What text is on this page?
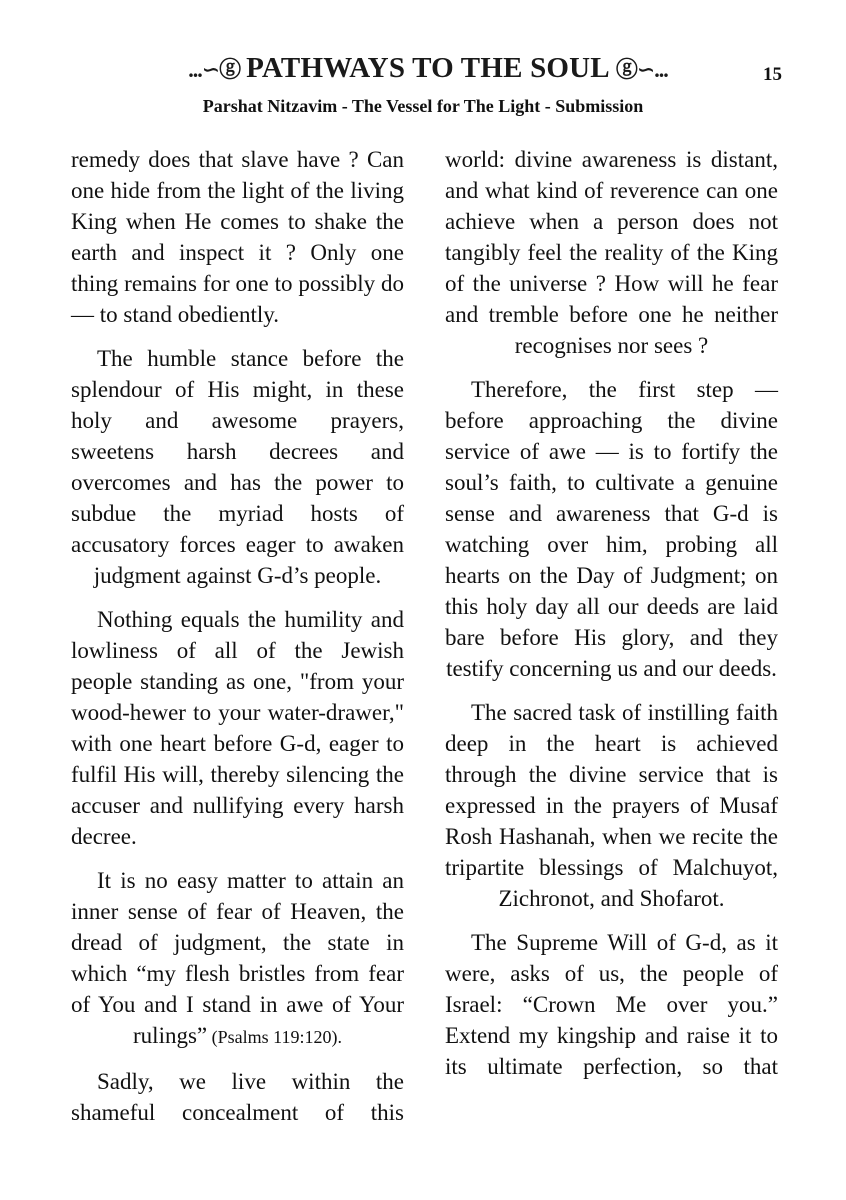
...∽ⓖ PATHWAYS TO THE SOUL ⓖ∽...	15
Parshat Nitzavim - The Vessel for The Light - Submission

remedy does that slave have ? Can one hide from the light of the living King when He comes to shake the earth and inspect it ? Only one thing remains for one to possibly do — to stand obediently.

The humble stance before the splendour of His might, in these holy and awesome prayers, sweetens harsh decrees and overcomes and has the power to subdue the myriad hosts of accusatory forces eager to awaken judgment against G-d’s people.

Nothing equals the humility and lowliness of all of the Jewish people standing as one, "from your wood-hewer to your water-drawer," with one heart before G-d, eager to fulfil His will, thereby silencing the accuser and nullifying every harsh decree.

It is no easy matter to attain an inner sense of fear of Heaven, the dread of judgment, the state in which “my flesh bristles from fear of You and I stand in awe of Your rulings” (Psalms 119:120).

Sadly, we live within the shameful concealment of this

world: divine awareness is distant, and what kind of reverence can one achieve when a person does not tangibly feel the reality of the King of the universe ? How will he fear and tremble before one he neither recognises nor sees ?

Therefore, the first step — before approaching the divine service of awe — is to fortify the soul’s faith, to cultivate a genuine sense and awareness that G-d is watching over him, probing all hearts on the Day of Judgment; on this holy day all our deeds are laid bare before His glory, and they testify concerning us and our deeds.

The sacred task of instilling faith deep in the heart is achieved through the divine service that is expressed in the prayers of Musaf Rosh Hashanah, when we recite the tripartite blessings of Malchuyot, Zichronot, and Shofarot.

The Supreme Will of G-d, as it were, asks of us, the people of Israel: “Crown Me over you.” Extend my kingship and raise it to its ultimate perfection, so that
